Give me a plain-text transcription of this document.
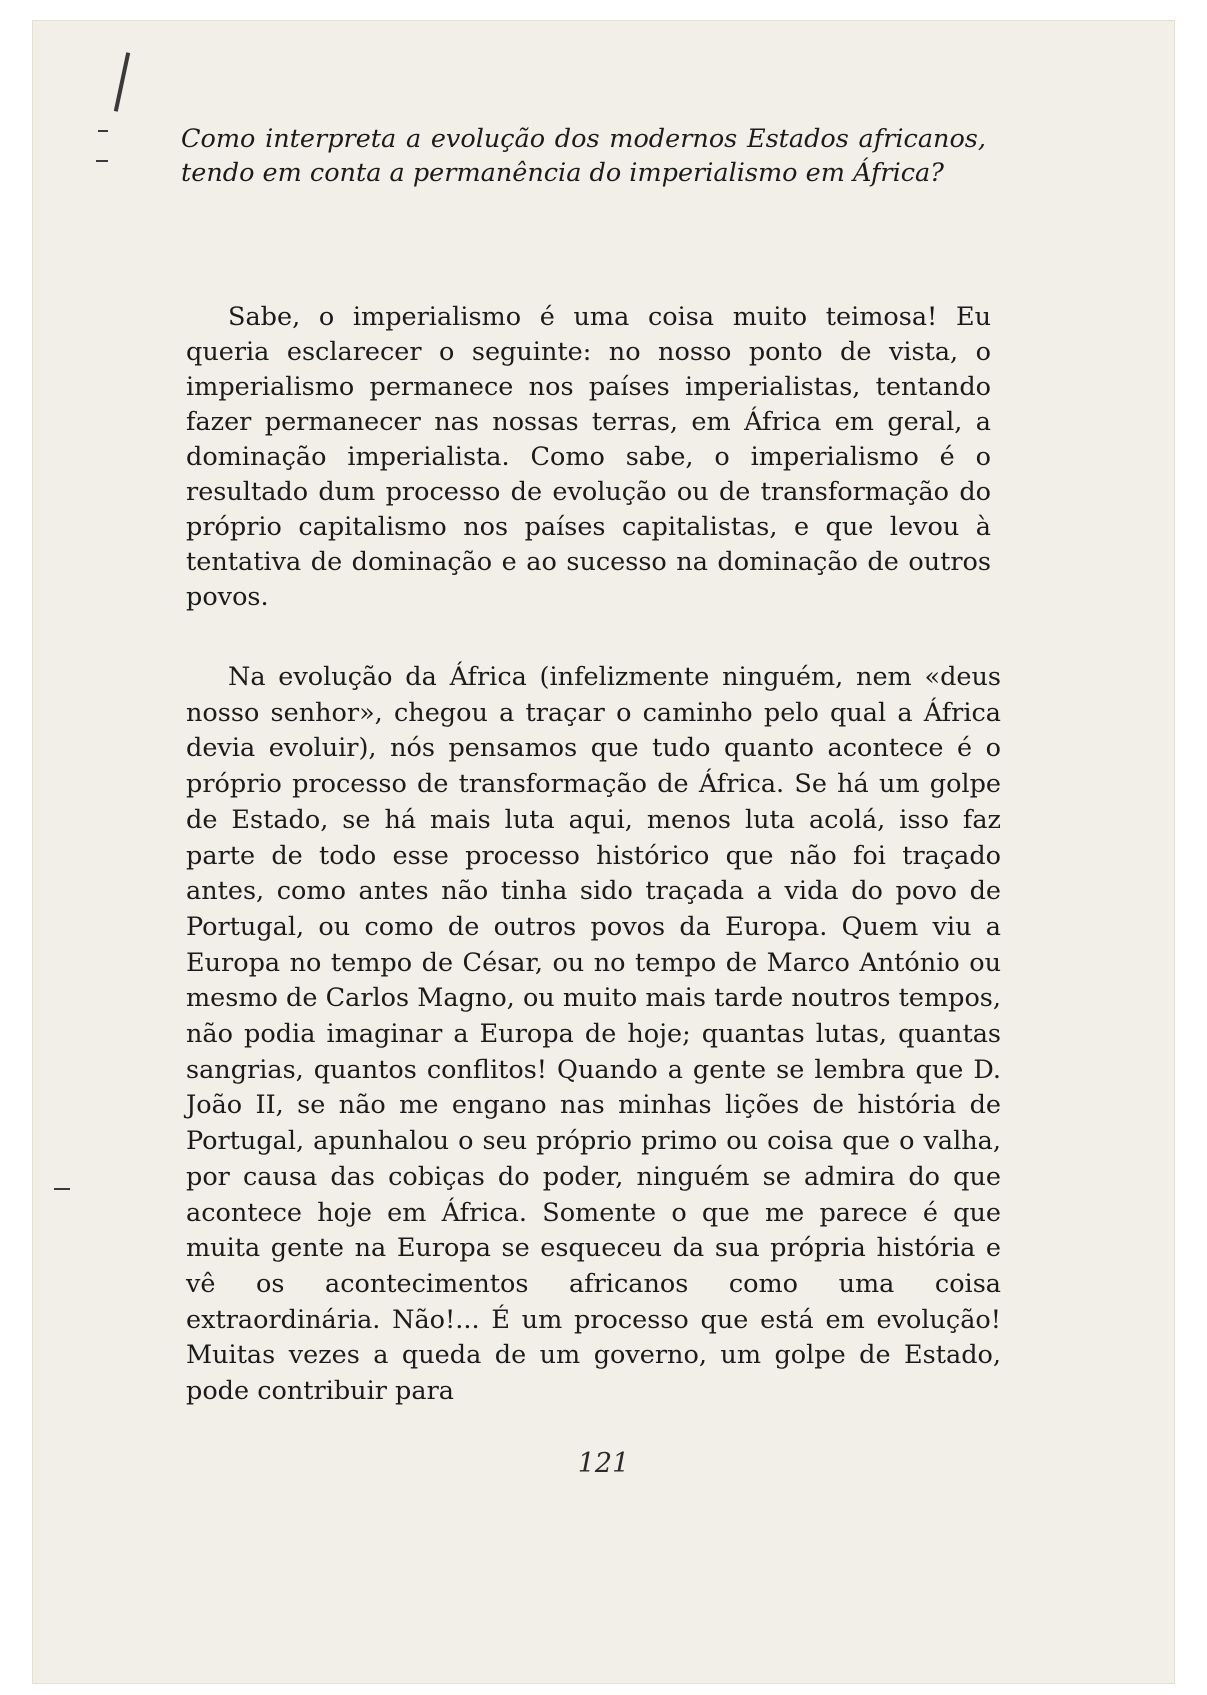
Como interpreta a evolução dos modernos Estados africanos, tendo em conta a permanência do imperialismo em África?

Sabe, o imperialismo é uma coisa muito teimosa! Eu queria esclarecer o seguinte: no nosso ponto de vista, o imperialismo permanece nos países imperialistas, tentando fazer permanecer nas nossas terras, em África em geral, a dominação imperialista. Como sabe, o imperialismo é o resultado dum processo de evolução ou de transformação do próprio capitalismo nos países capitalistas, e que levou à tentativa de dominação e ao sucesso na dominação de outros povos.

Na evolução da África (infelizmente ninguém, nem «deus nosso senhor», chegou a traçar o caminho pelo qual a África devia evoluir), nós pensamos que tudo quanto acontece é o próprio processo de transformação de África. Se há um golpe de Estado, se há mais luta aqui, menos luta acolá, isso faz parte de todo esse processo histórico que não foi traçado antes, como antes não tinha sido traçada a vida do povo de Portugal, ou como de outros povos da Europa. Quem viu a Europa no tempo de César, ou no tempo de Marco António ou mesmo de Carlos Magno, ou muito mais tarde noutros tempos, não podia imaginar a Europa de hoje; quantas lutas, quantas sangrias, quantos conflitos! Quando a gente se lembra que D. João II, se não me engano nas minhas lições de história de Portugal, apunhalou o seu próprio primo ou coisa que o valha, por causa das cobiças do poder, ninguém se admira do que acontece hoje em África. Somente o que me parece é que muita gente na Europa se esqueceu da sua própria história e vê os acontecimentos africanos como uma coisa extraordinária. Não!... É um processo que está em evolução! Muitas vezes a queda de um governo, um golpe de Estado, pode contribuir para

121
